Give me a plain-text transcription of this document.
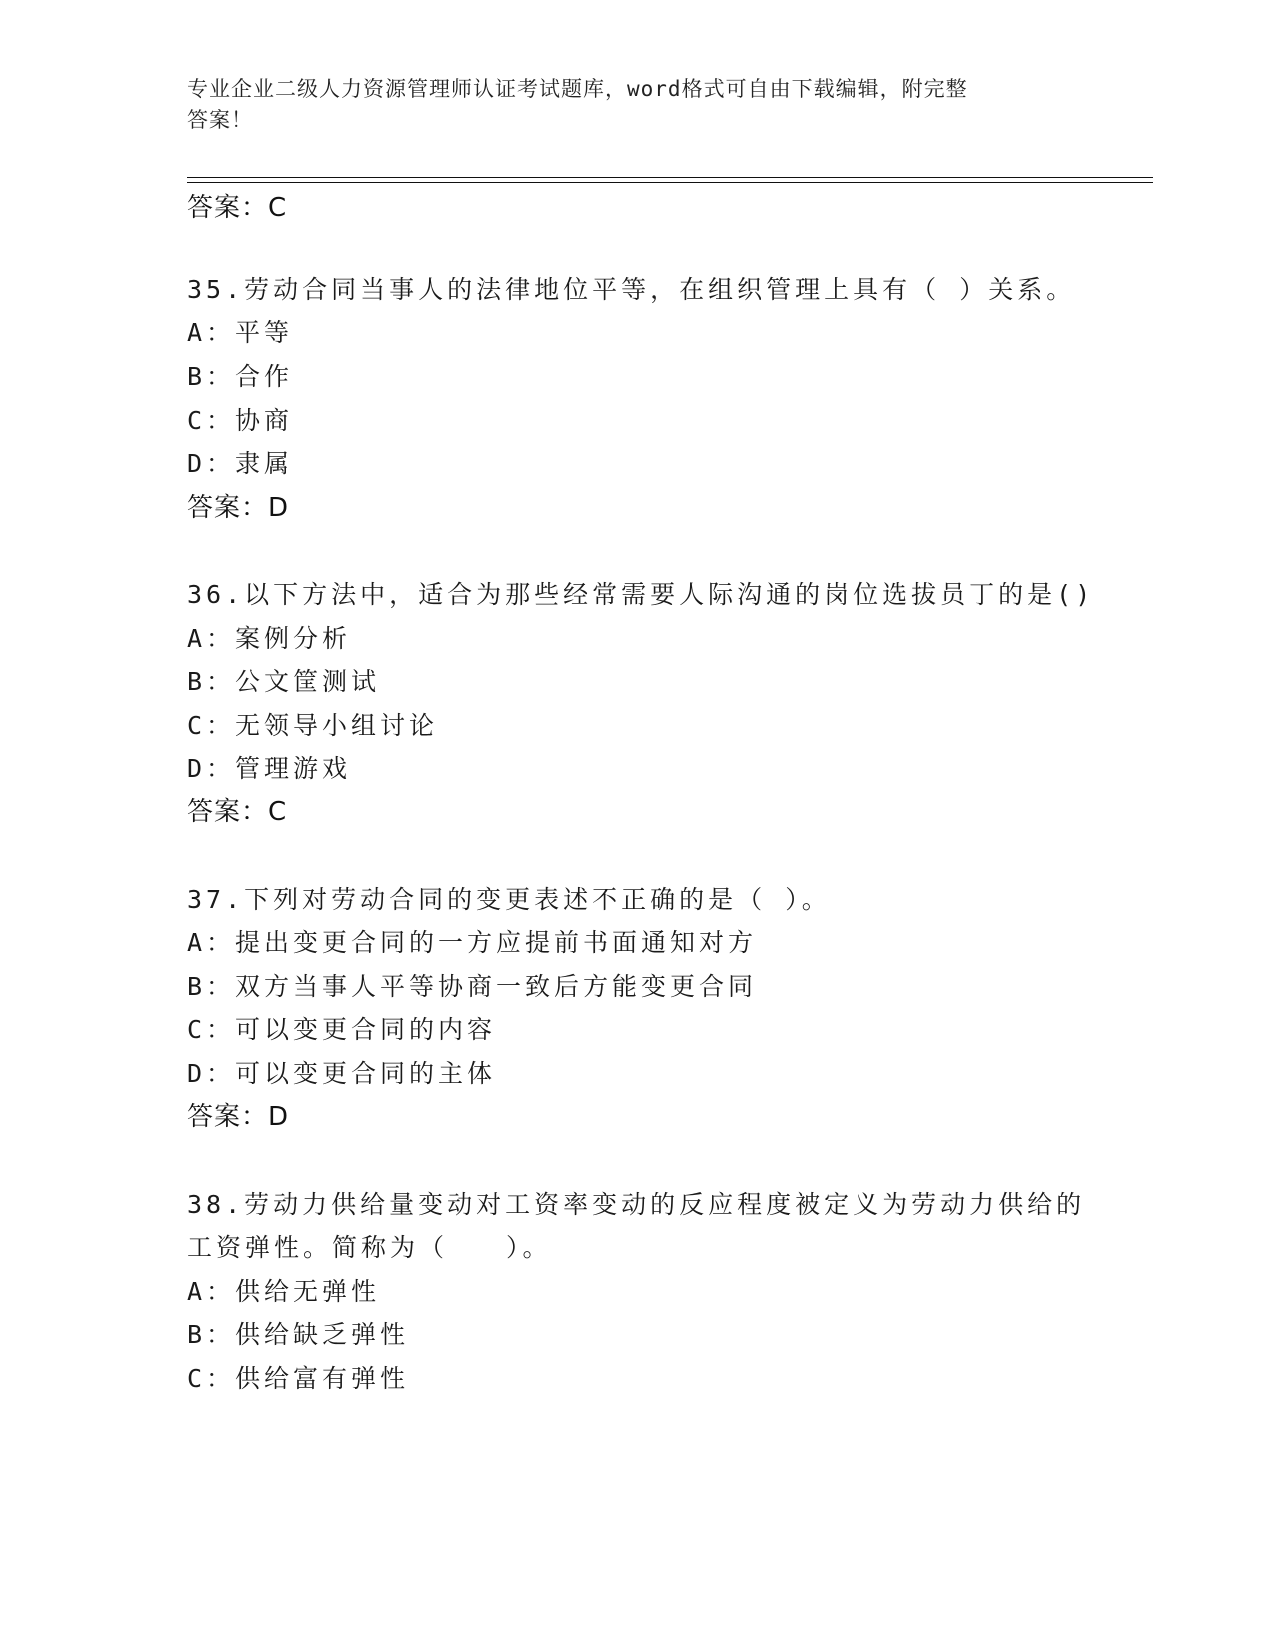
专业企业二级人力资源管理师认证考试题库，word格式可自由下载编辑，附完整
答案！
答案：C
35.劳动合同当事人的法律地位平等，在组织管理上具有（ ）关系。
A：平等
B：合作
C：协商
D：隶属
答案：D
36.以下方法中，适合为那些经常需要人际沟通的岗位选拔员丁的是()
A：案例分析
B：公文筐测试
C：无领导小组讨论
D：管理游戏
答案：C
37.下列对劳动合同的变更表述不正确的是（ ）。
A：提出变更合同的一方应提前书面通知对方
B：双方当事人平等协商一致后方能变更合同
C：可以变更合同的内容
D：可以变更合同的主体
答案：D
38.劳动力供给量变动对工资率变动的反应程度被定义为劳动力供给的
工资弹性。简称为（　　）。
A：供给无弹性
B：供给缺乏弹性
C：供给富有弹性
